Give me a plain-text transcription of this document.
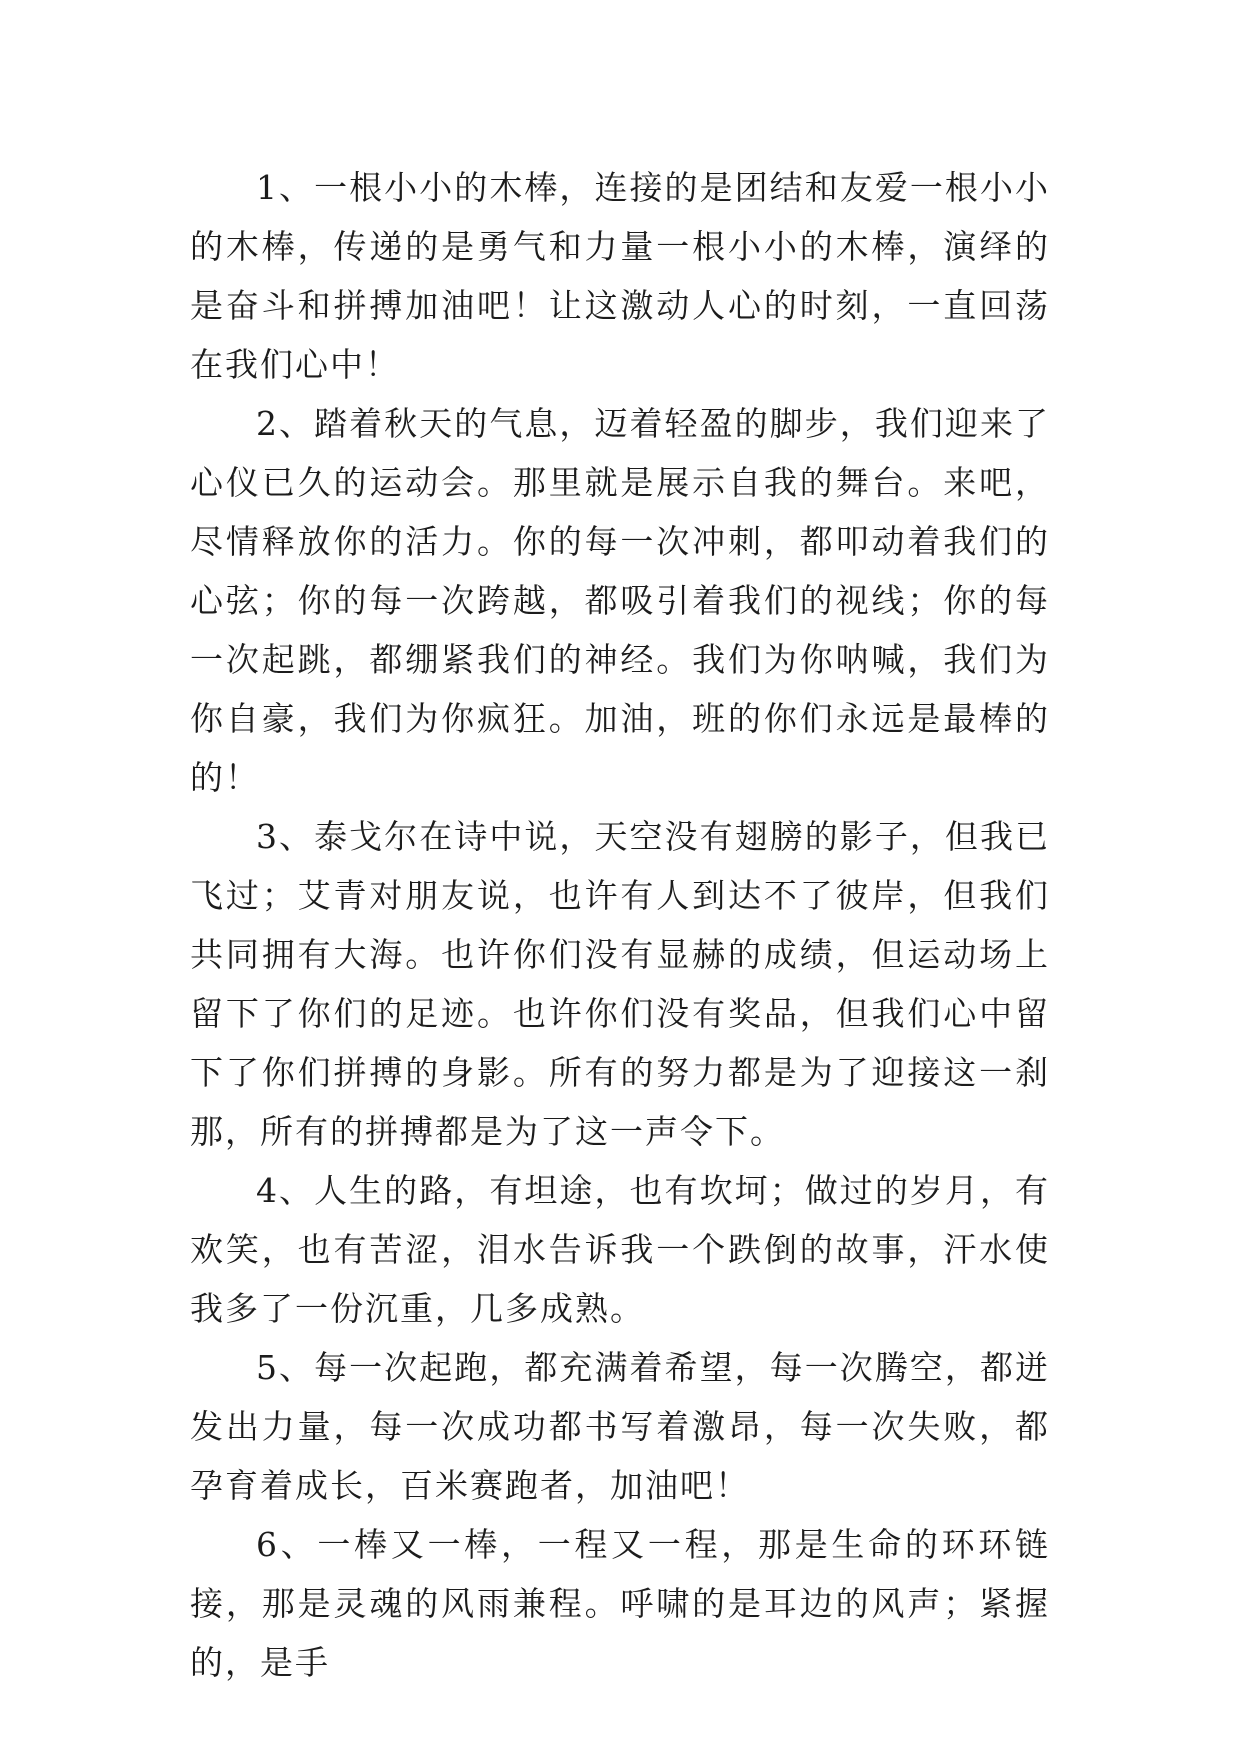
1、一根小小的木棒，连接的是团结和友爱一根小小的木棒，传递的是勇气和力量一根小小的木棒，演绎的是奋斗和拼搏加油吧！让这激动人心的时刻，一直回荡在我们心中！

2、踏着秋天的气息，迈着轻盈的脚步，我们迎来了心仪已久的运动会。那里就是展示自我的舞台。来吧，尽情释放你的活力。你的每一次冲刺，都叩动着我们的心弦；你的每一次跨越，都吸引着我们的视线；你的每一次起跳，都绷紧我们的神经。我们为你呐喊，我们为你自豪，我们为你疯狂。加油，班的你们永远是最棒的的！

3、泰戈尔在诗中说，天空没有翅膀的影子，但我已飞过；艾青对朋友说，也许有人到达不了彼岸，但我们共同拥有大海。也许你们没有显赫的成绩，但运动场上留下了你们的足迹。也许你们没有奖品，但我们心中留下了你们拼搏的身影。所有的努力都是为了迎接这一刹那，所有的拼搏都是为了这一声令下。

4、人生的路，有坦途，也有坎坷；做过的岁月，有欢笑，也有苦涩，泪水告诉我一个跌倒的故事，汗水使我多了一份沉重，几多成熟。

5、每一次起跑，都充满着希望，每一次腾空，都迸发出力量，每一次成功都书写着激昂，每一次失败，都孕育着成长，百米赛跑者，加油吧！

6、一棒又一棒，一程又一程，那是生命的环环链接，那是灵魂的风雨兼程。呼啸的是耳边的风声；紧握的，是手
